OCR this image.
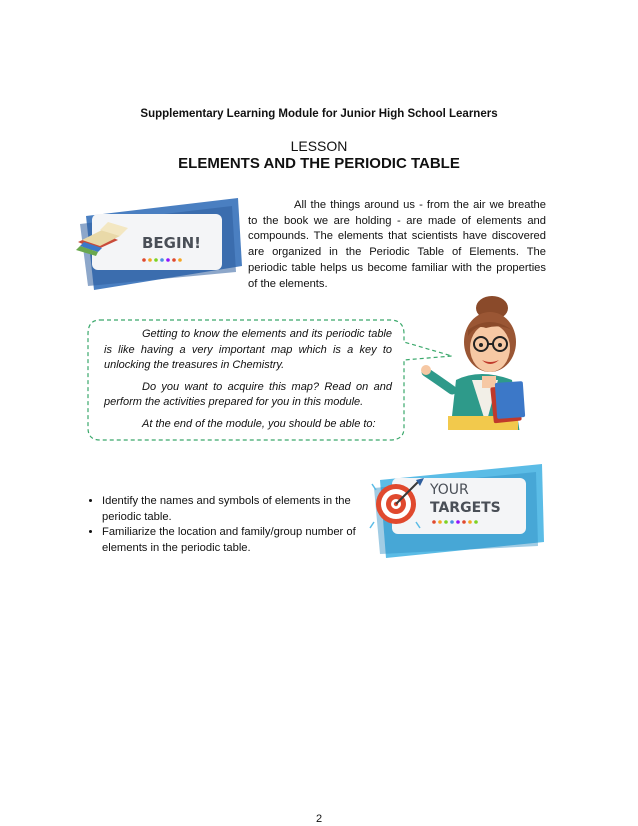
Supplementary Learning Module for Junior High School Learners
LESSON
ELEMENTS AND THE PERIODIC TABLE
BEGIN!
All the things around us - from the air we breathe to the book we are holding - are made of elements and compounds. The elements that scientists have discovered are organized in the Periodic Table of Elements. The periodic table helps us become familiar with the properties of the elements.

Getting to know the elements and its periodic table is like having a very important map which is a key to unlocking the treasures in Chemistry.

Do you want to acquire this map? Read on and perform the activities prepared for you in this module.

At the end of the module, you should be able to:

YOUR
TARGETS
• Identify the names and symbols of elements in the periodic table.
• Familiarize the location and family/group number of elements in the periodic table.
2
